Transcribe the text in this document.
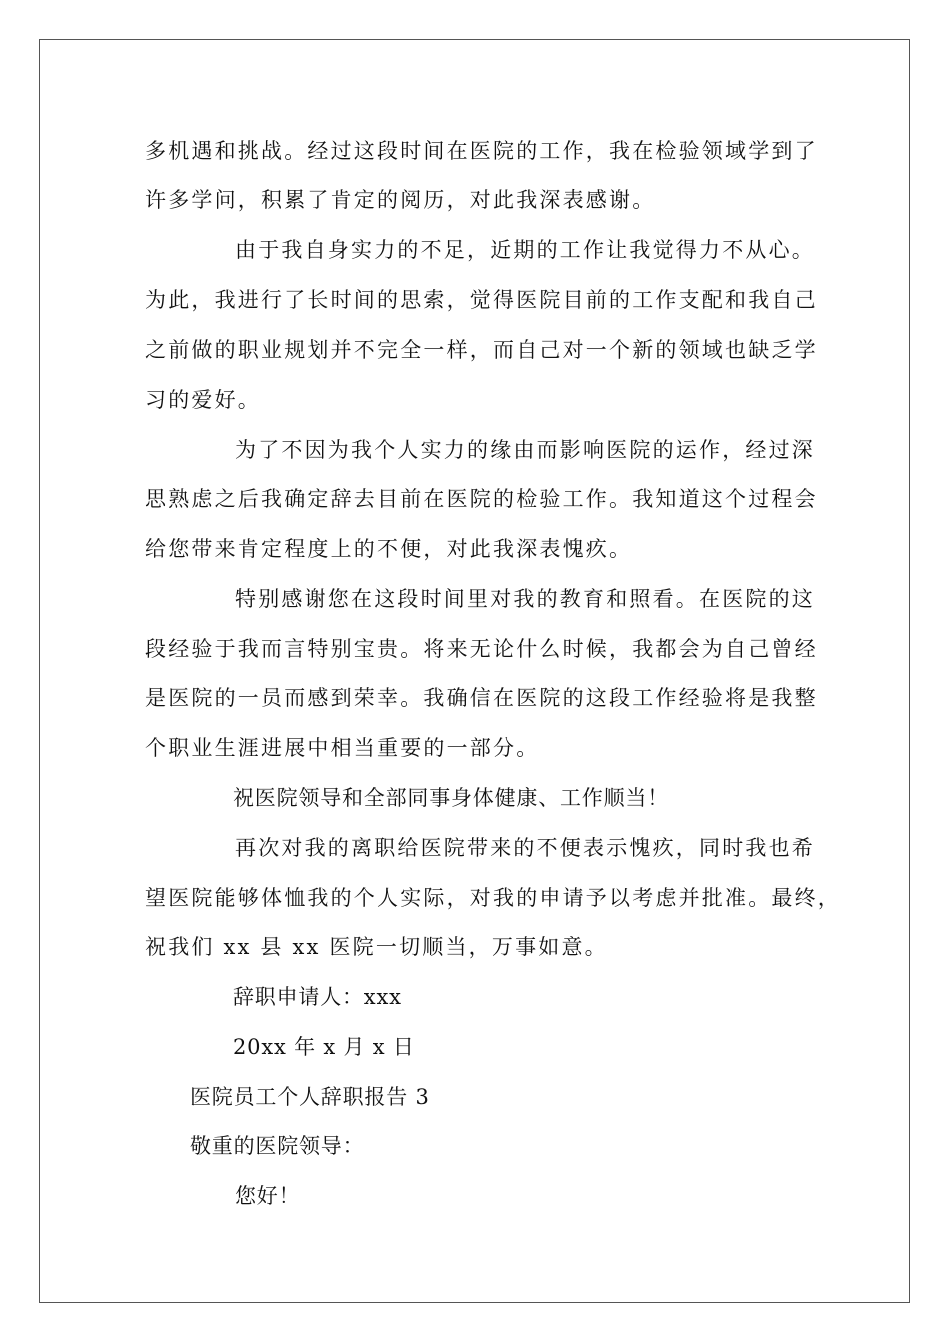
多机遇和挑战。经过这段时间在医院的工作，我在检验领域学到了
许多学问，积累了肯定的阅历，对此我深表感谢。
由于我自身实力的不足，近期的工作让我觉得力不从心。
为此，我进行了长时间的思索，觉得医院目前的工作支配和我自己
之前做的职业规划并不完全一样，而自己对一个新的领域也缺乏学
习的爱好。
为了不因为我个人实力的缘由而影响医院的运作，经过深
思熟虑之后我确定辞去目前在医院的检验工作。我知道这个过程会
给您带来肯定程度上的不便，对此我深表愧疚。
特别感谢您在这段时间里对我的教育和照看。在医院的这
段经验于我而言特别宝贵。将来无论什么时候，我都会为自己曾经
是医院的一员而感到荣幸。我确信在医院的这段工作经验将是我整
个职业生涯进展中相当重要的一部分。
祝医院领导和全部同事身体健康、工作顺当！
再次对我的离职给医院带来的不便表示愧疚，同时我也希
望医院能够体恤我的个人实际，对我的申请予以考虑并批准。最终，
祝我们 xx 县 xx 医院一切顺当，万事如意。
辞职申请人：xxx
20xx 年 x 月 x 日
医院员工个人辞职报告 3
敬重的医院领导：
您好！
